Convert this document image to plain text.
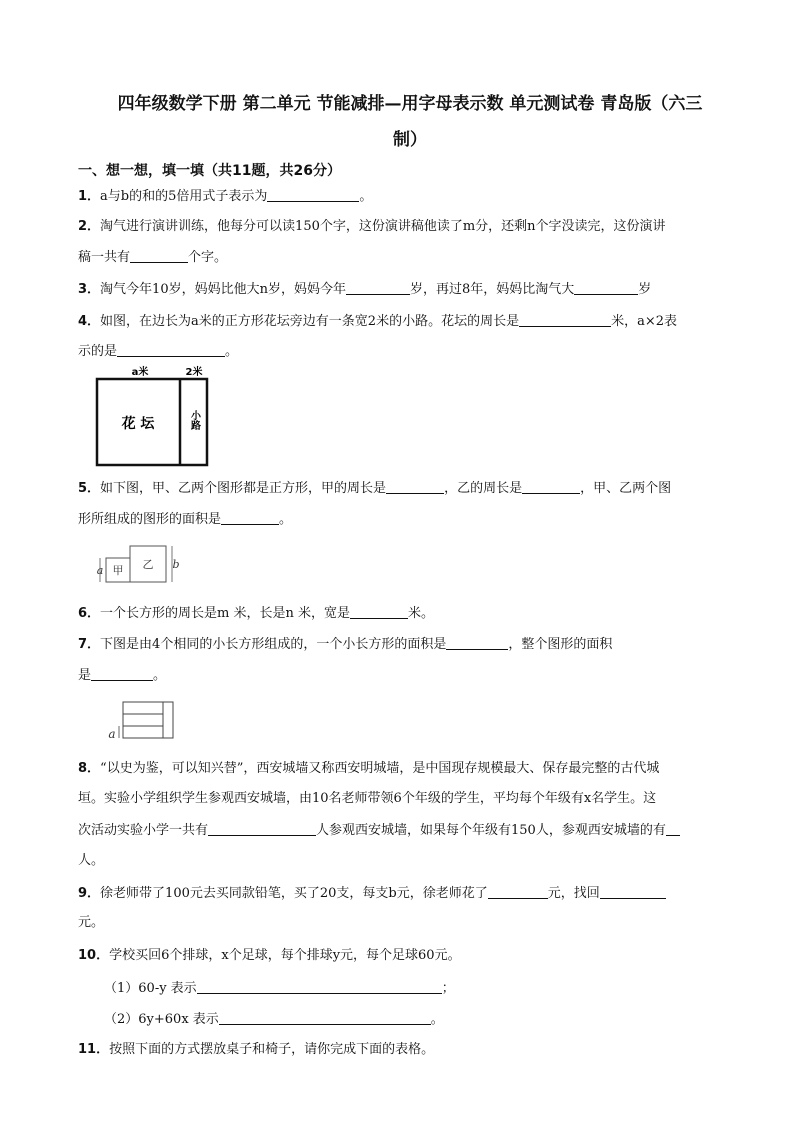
四年级数学下册 第二单元 节能减排—用字母表示数 单元测试卷 青岛版（六三
制）
一、想一想，填一填（共11题，共26分）
1．a与b的和的5倍用式子表示为	。
2．淘气进行演讲训练，他每分可以读150个字，这份演讲稿他读了m分，还剩n个字没读完，这份演讲
稿一共有	个字。
3．淘气今年10岁，妈妈比他大n岁，妈妈今年	岁，再过8年，妈妈比淘气大	岁
4．如图，在边长为a米的正方形花坛旁边有一条宽2米的小路。花坛的周长是	米，a×2表
示的是	。
a米	2米
花 坛	小路
5．如下图，甲、乙两个图形都是正方形，甲的周长是	，乙的周长是	，甲、乙两个图
形所组成的图形的面积是	。
a 甲 乙 b
6．一个长方形的周长是m 米，长是n 米，宽是	米。
7．下图是由4个相同的小长方形组成的，一个小长方形的面积是	，整个图形的面积
是	。
a
8．“以史为鉴，可以知兴替”，西安城墙又称西安明城墙，是中国现存规模最大、保存最完整的古代城
垣。实验小学组织学生参观西安城墙，由10名老师带领6个年级的学生，平均每个年级有x名学生。这
次活动实验小学一共有	人参观西安城墙，如果每个年级有150人，参观西安城墙的有
人。
9．徐老师带了100元去买同款铅笔，买了20支，每支b元，徐老师花了	元，找回
元。
10．学校买回6个排球，x个足球，每个排球y元，每个足球60元。
（1）60-y 表示	；
（2）6y+60x 表示	。
11．按照下面的方式摆放桌子和椅子，请你完成下面的表格。
